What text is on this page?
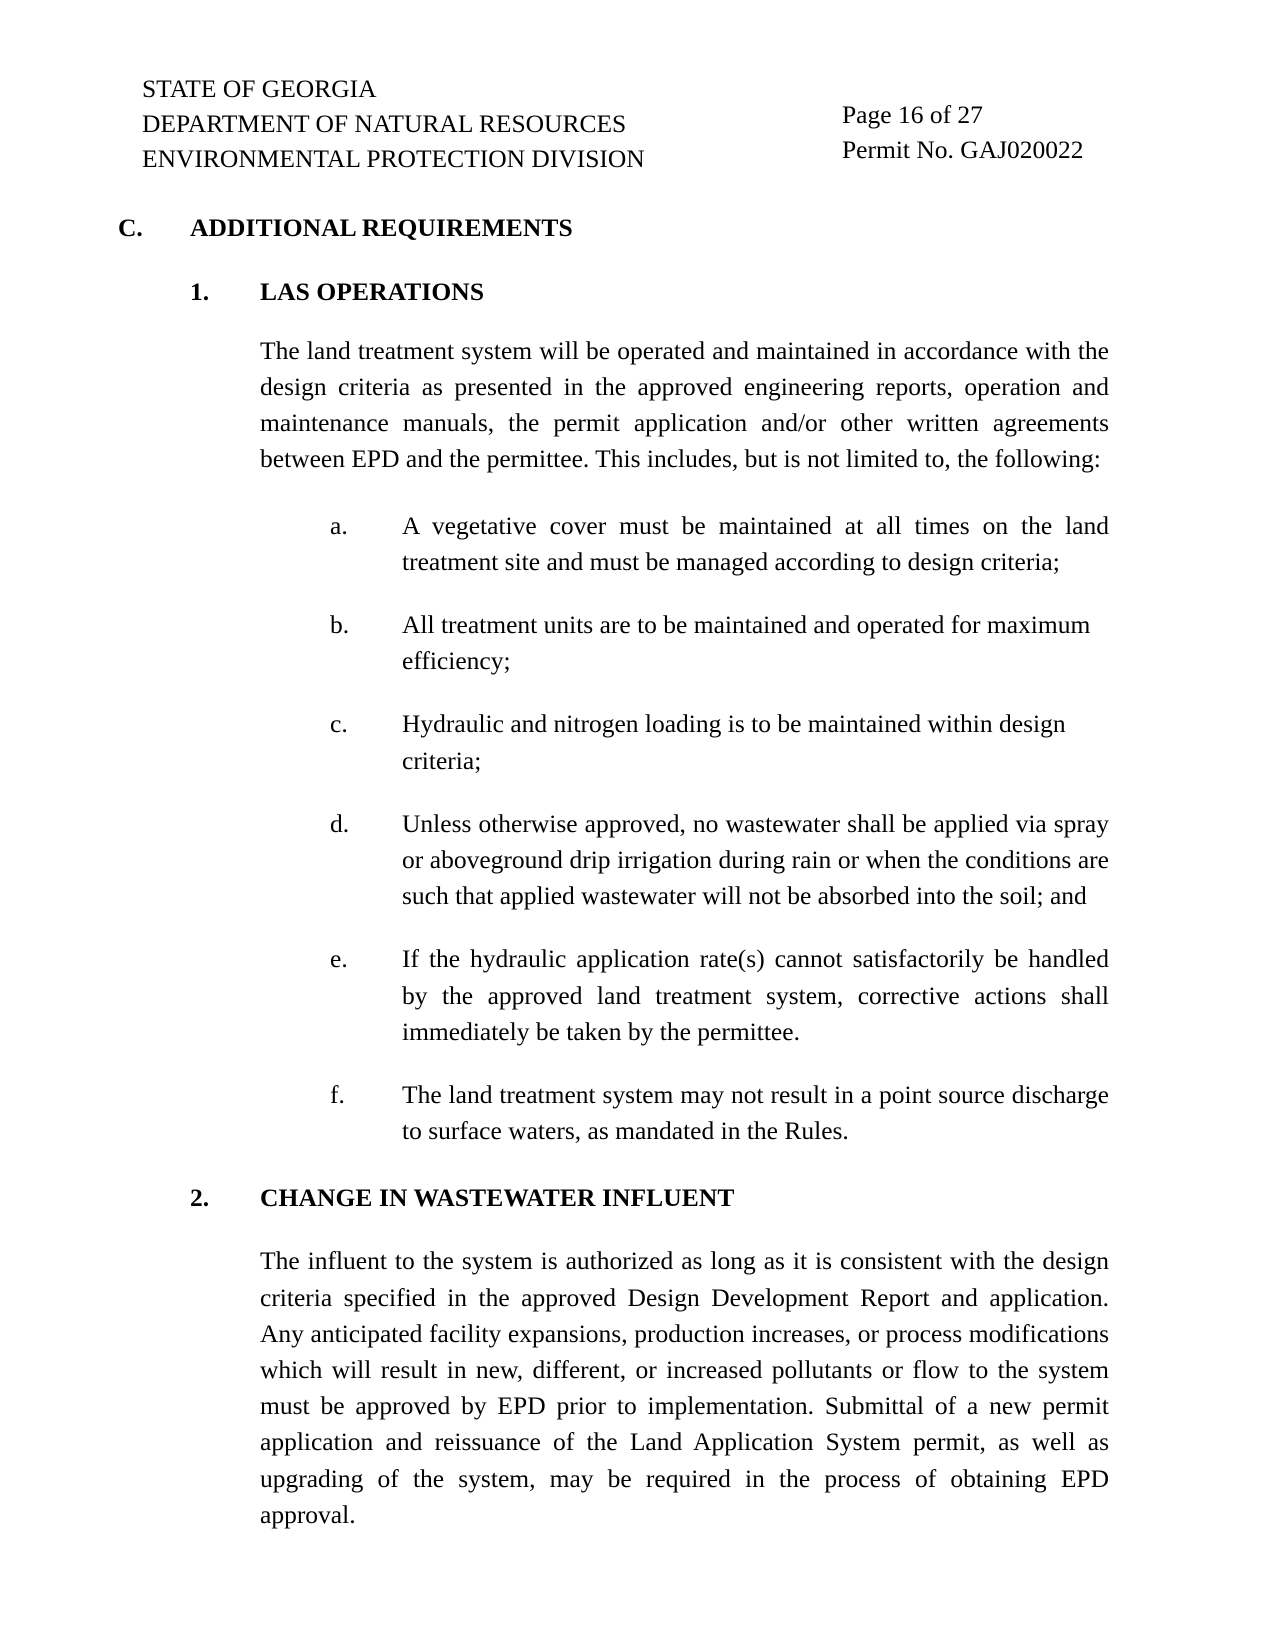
STATE OF GEORGIA
DEPARTMENT OF NATURAL RESOURCES
ENVIRONMENTAL PROTECTION DIVISION
Page 16 of 27
Permit No. GAJ020022
C.	ADDITIONAL REQUIREMENTS
1.	LAS OPERATIONS
The land treatment system will be operated and maintained in accordance with the design criteria as presented in the approved engineering reports, operation and maintenance manuals, the permit application and/or other written agreements between EPD and the permittee. This includes, but is not limited to, the following:
a.	A vegetative cover must be maintained at all times on the land treatment site and must be managed according to design criteria;
b.	All treatment units are to be maintained and operated for maximum efficiency;
c.	Hydraulic and nitrogen loading is to be maintained within design criteria;
d.	Unless otherwise approved, no wastewater shall be applied via spray or aboveground drip irrigation during rain or when the conditions are such that applied wastewater will not be absorbed into the soil; and
e.	If the hydraulic application rate(s) cannot satisfactorily be handled by the approved land treatment system, corrective actions shall immediately be taken by the permittee.
f.	The land treatment system may not result in a point source discharge to surface waters, as mandated in the Rules.
2.	CHANGE IN WASTEWATER INFLUENT
The influent to the system is authorized as long as it is consistent with the design criteria specified in the approved Design Development Report and application. Any anticipated facility expansions, production increases, or process modifications which will result in new, different, or increased pollutants or flow to the system must be approved by EPD prior to implementation. Submittal of a new permit application and reissuance of the Land Application System permit, as well as upgrading of the system, may be required in the process of obtaining EPD approval.
